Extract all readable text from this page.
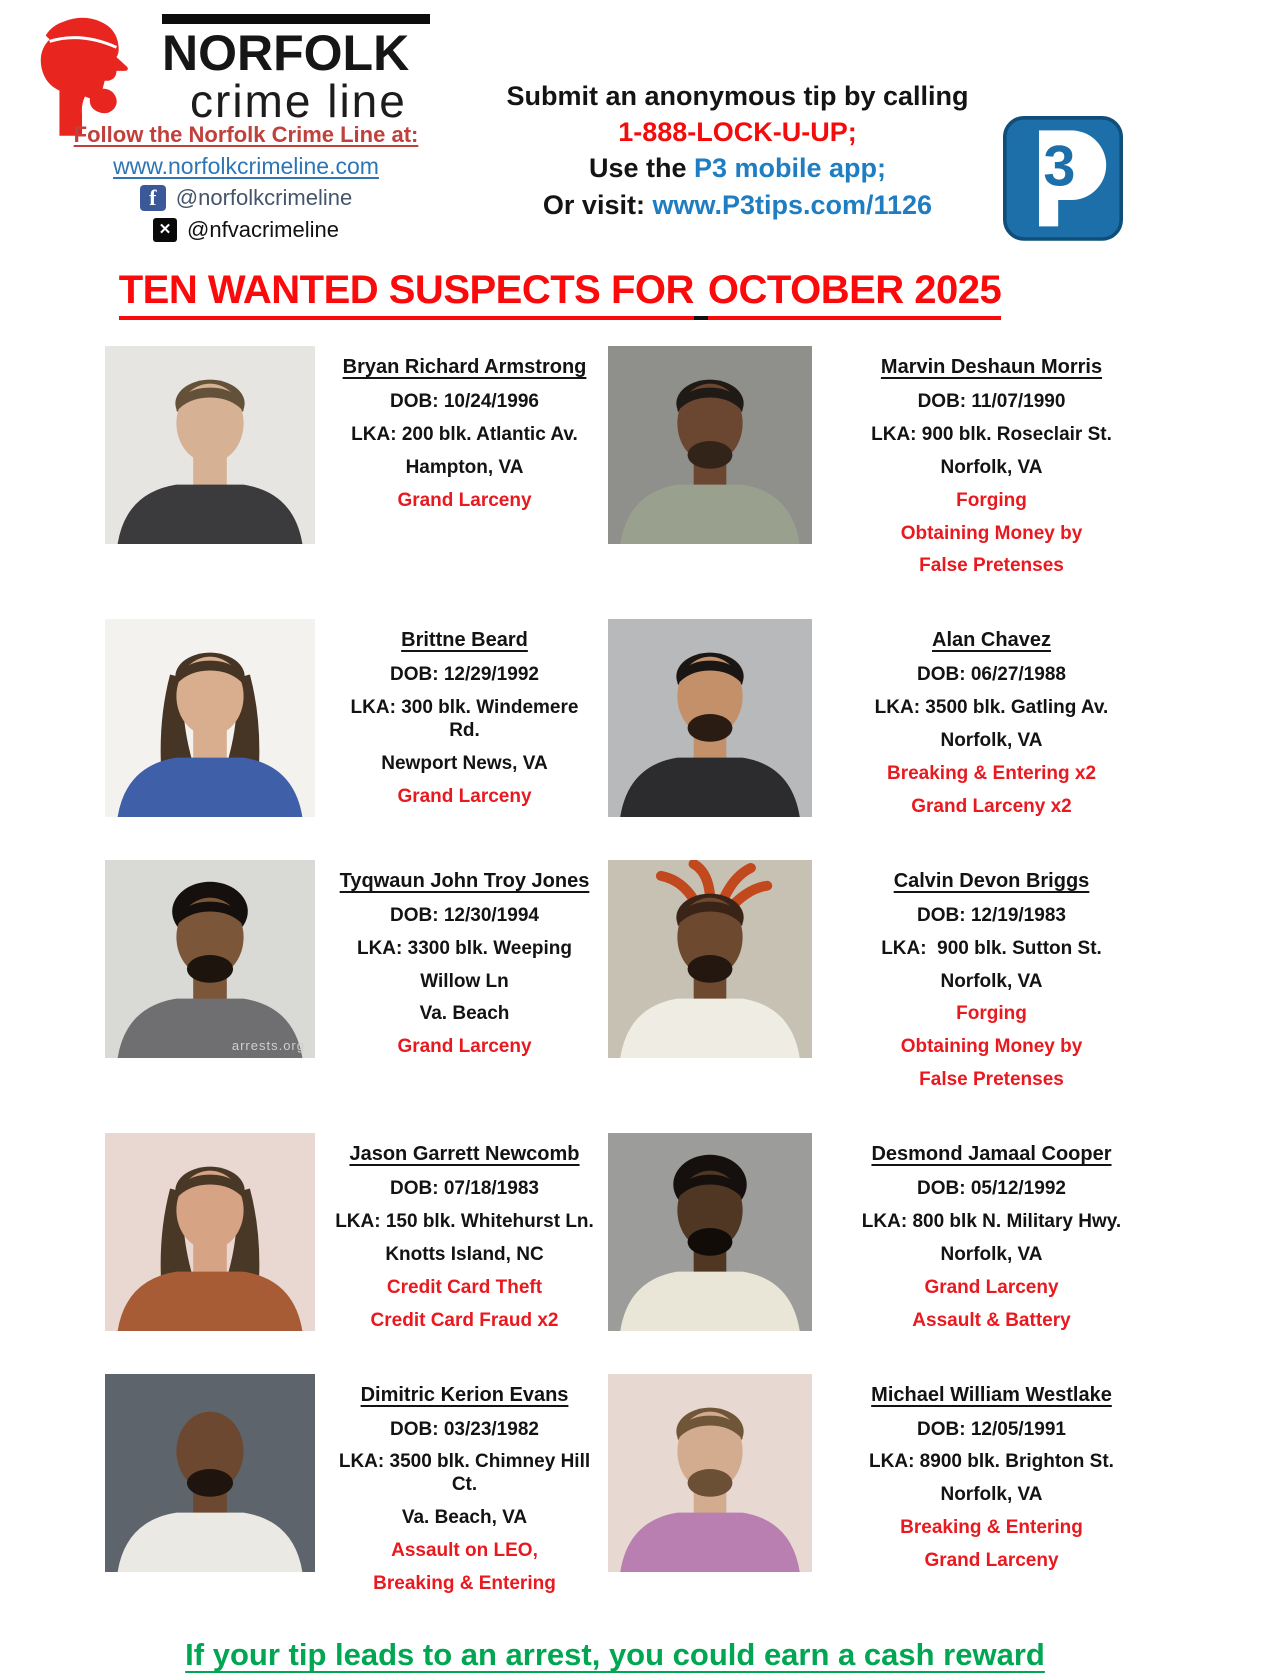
NORFOLK
crime line
Follow the Norfolk Crime Line at:
www.norfolkcrimeline.com
f @norfolkcrimeline
✕ @nfvacrimeline
Submit an anonymous tip by calling
1-888-LOCK-U-UP;
Use the P3 mobile app;
Or visit: www.P3tips.com/1126
3
TEN WANTED SUSPECTS FOR OCTOBER 2025
Bryan Richard Armstrong
DOB: 10/24/1996
LKA: 200 blk. Atlantic Av.
Hampton, VA
Grand Larceny
Marvin Deshaun Morris
DOB: 11/07/1990
LKA: 900 blk. Roseclair St.
Norfolk, VA
Forging
Obtaining Money by
False Pretenses
Brittne Beard
DOB: 12/29/1992
LKA: 300 blk. Windemere
Rd.
Newport News, VA
Grand Larceny
Alan Chavez
DOB: 06/27/1988
LKA: 3500 blk. Gatling Av.
Norfolk, VA
Breaking & Entering x2
Grand Larceny x2
arrests.org
Tyqwaun John Troy Jones
DOB: 12/30/1994
LKA: 3300 blk. Weeping
Willow Ln
Va. Beach
Grand Larceny
Calvin Devon Briggs
DOB: 12/19/1983
LKA:  900 blk. Sutton St.
Norfolk, VA
Forging
Obtaining Money by
False Pretenses
Jason Garrett Newcomb
DOB: 07/18/1983
LKA: 150 blk. Whitehurst Ln.
Knotts Island, NC
Credit Card Theft
Credit Card Fraud x2
Desmond Jamaal Cooper
DOB: 05/12/1992
LKA: 800 blk N. Military Hwy.
Norfolk, VA
Grand Larceny
Assault & Battery
Dimitric Kerion Evans
DOB: 03/23/1982
LKA: 3500 blk. Chimney Hill
Ct.
Va. Beach, VA
Assault on LEO,
Breaking & Entering
Michael William Westlake
DOB: 12/05/1991
LKA: 8900 blk. Brighton St.
Norfolk, VA
Breaking & Entering
Grand Larceny
If your tip leads to an arrest, you could earn a cash reward
